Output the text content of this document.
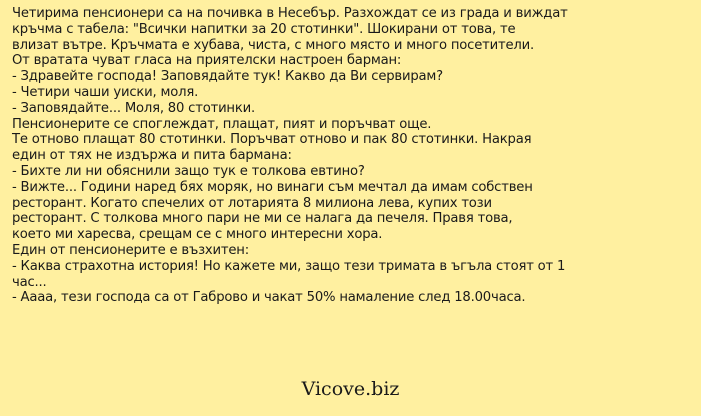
Четирима пенсионери са на почивка в Несебър. Разхождат се из града и виждат
кръчма с табела: "Всички напитки за 20 стотинки". Шокирани от това, те
влизат вътре. Кръчмата е хубава, чиста, с много място и много посетители.
От вратата чуват гласа на приятелски настроен барман:
- Здравейте господа! Заповядайте тук! Какво да Ви сервирам?
- Четири чаши уиски, моля.
- Заповядайте... Моля, 80 стотинки.
Пенсионерите се споглеждат, плащат, пият и поръчват още.
Те отново плащат 80 стотинки. Поръчват отново и пак 80 стотинки. Накрая
един от тях не издържа и пита бармана:
- Бихте ли ни обяснили защо тук е толкова евтино?
- Вижте... Години наред бях моряк, но винаги съм мечтал да имам собствен
ресторант. Когато спечелих от лотарията 8 милиона лева, купих този
ресторант. С толкова много пари не ми се налага да печеля. Правя това,
което ми харесва, срещам се с много интересни хора.
Един от пенсионерите е възхитен:
- Каква страхотна история! Но кажете ми, защо тези тримата в ъгъла стоят от 1
час...
- Аааа, тези господа са от Габрово и чакат 50% намаление след 18.00часа.
Vicove.biz
